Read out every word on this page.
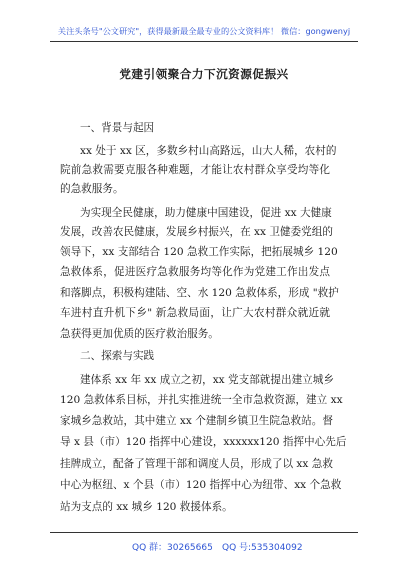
关注头条号"公文研究"，获得最新最全最专业的公文资料库！ 微信：gongwenyj
党建引领聚合力下沉资源促振兴
一、背景与起因
xx 处于 xx 区，多数乡村山高路远，山大人稀，农村的
院前急救需要克服各种难题，才能让农村群众享受均等化
的急救服务。
为实现全民健康，助力健康中国建设，促进 xx 大健康
发展，改善农民健康，发展乡村振兴，在 xx 卫健委党组的
领导下，xx 支部结合 120 急救工作实际，把拓展城乡 120
急救体系，促进医疗急救服务均等化作为党建工作出发点
和落脚点，积极构建陆、空、水 120 急救体系，形成 "救护
车进村直升机下乡" 新急救局面，让广大农村群众就近就
急获得更加优质的医疗救治服务。
二、探索与实践
建体系 xx 年 xx 成立之初，xx 党支部就提出建立城乡
120 急救体系目标，并扎实推进统一全市急救资源，建立 xx
家城乡急救站，其中建立 xx 个建制乡镇卫生院急救站。督
导 x 县（市）120 指挥中心建设，xxxxxx120 指挥中心先后
挂牌成立，配备了管理干部和调度人员，形成了以 xx 急救
中心为枢纽、x 个县（市）120 指挥中心为纽带、xx 个急救
站为支点的 xx 城乡 120 救援体系。
QQ 群：30265665 QQ 号:535304092
